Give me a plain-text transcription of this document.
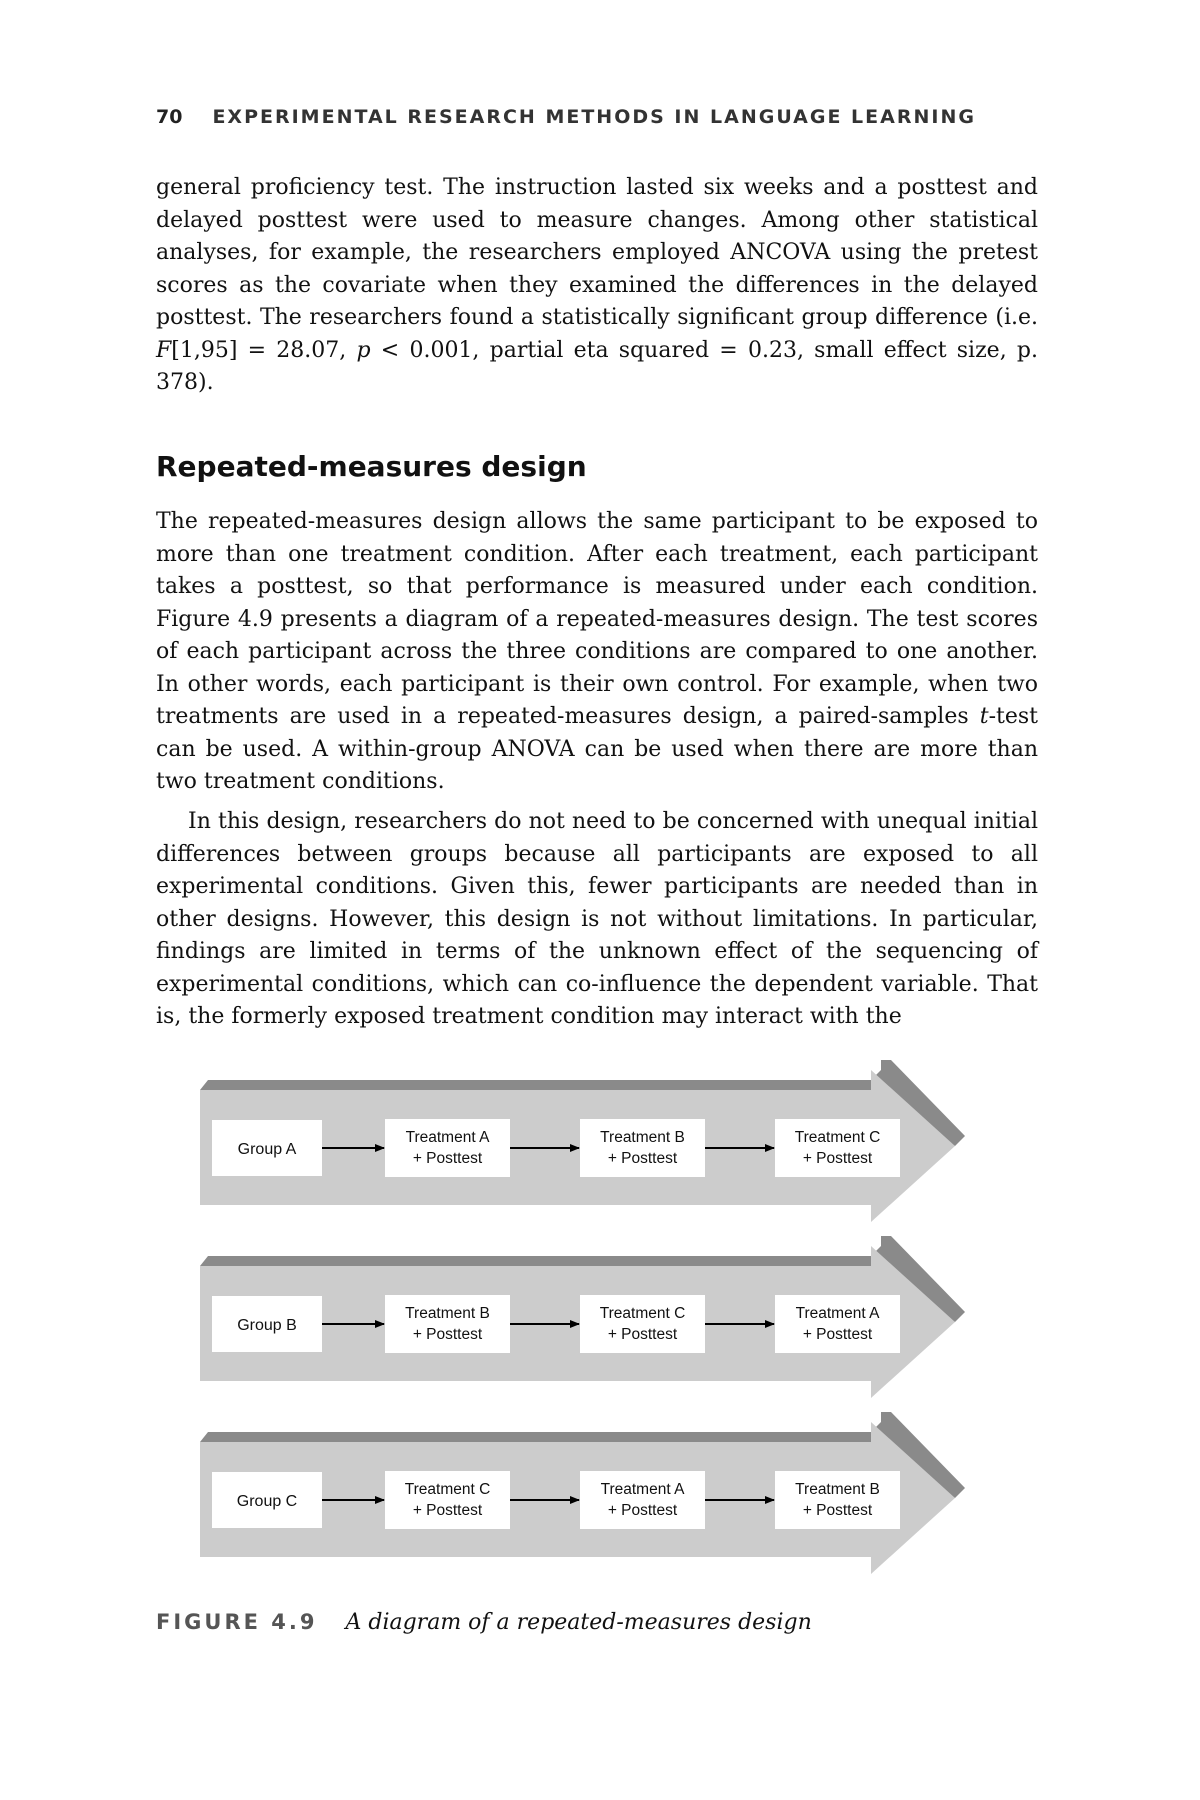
70 EXPERIMENTAL RESEARCH METHODS IN LANGUAGE LEARNING
general proficiency test. The instruction lasted six weeks and a posttest and delayed posttest were used to measure changes. Among other statistical analyses, for example, the researchers employed ANCOVA using the pretest scores as the covariate when they examined the differences in the delayed posttest. The researchers found a statistically significant group difference (i.e. F[1,95] = 28.07, p < 0.001, partial eta squared = 0.23, small effect size, p. 378).
Repeated-measures design
The repeated-measures design allows the same participant to be exposed to more than one treatment condition. After each treatment, each participant takes a posttest, so that performance is measured under each condition. Figure 4.9 presents a diagram of a repeated-measures design. The test scores of each participant across the three conditions are compared to one another. In other words, each participant is their own control. For example, when two treatments are used in a repeated-measures design, a paired-samples t-test can be used. A within-group ANOVA can be used when there are more than two treatment conditions.

In this design, researchers do not need to be concerned with unequal initial differences between groups because all participants are exposed to all experimental conditions. Given this, fewer participants are needed than in other designs. However, this design is not without limitations. In particular, findings are limited in terms of the unknown effect of the sequencing of experimental conditions, which can co-influence the dependent variable. That is, the formerly exposed treatment condition may interact with the

Group A
Treatment A
+ Posttest
Treatment B
+ Posttest
Treatment C
+ Posttest
Group B
Treatment B
+ Posttest
Treatment C
+ Posttest
Treatment A
+ Posttest
Group C
Treatment C
+ Posttest
Treatment A
+ Posttest
Treatment B
+ Posttest
FIGURE 4.9 A diagram of a repeated-measures design
